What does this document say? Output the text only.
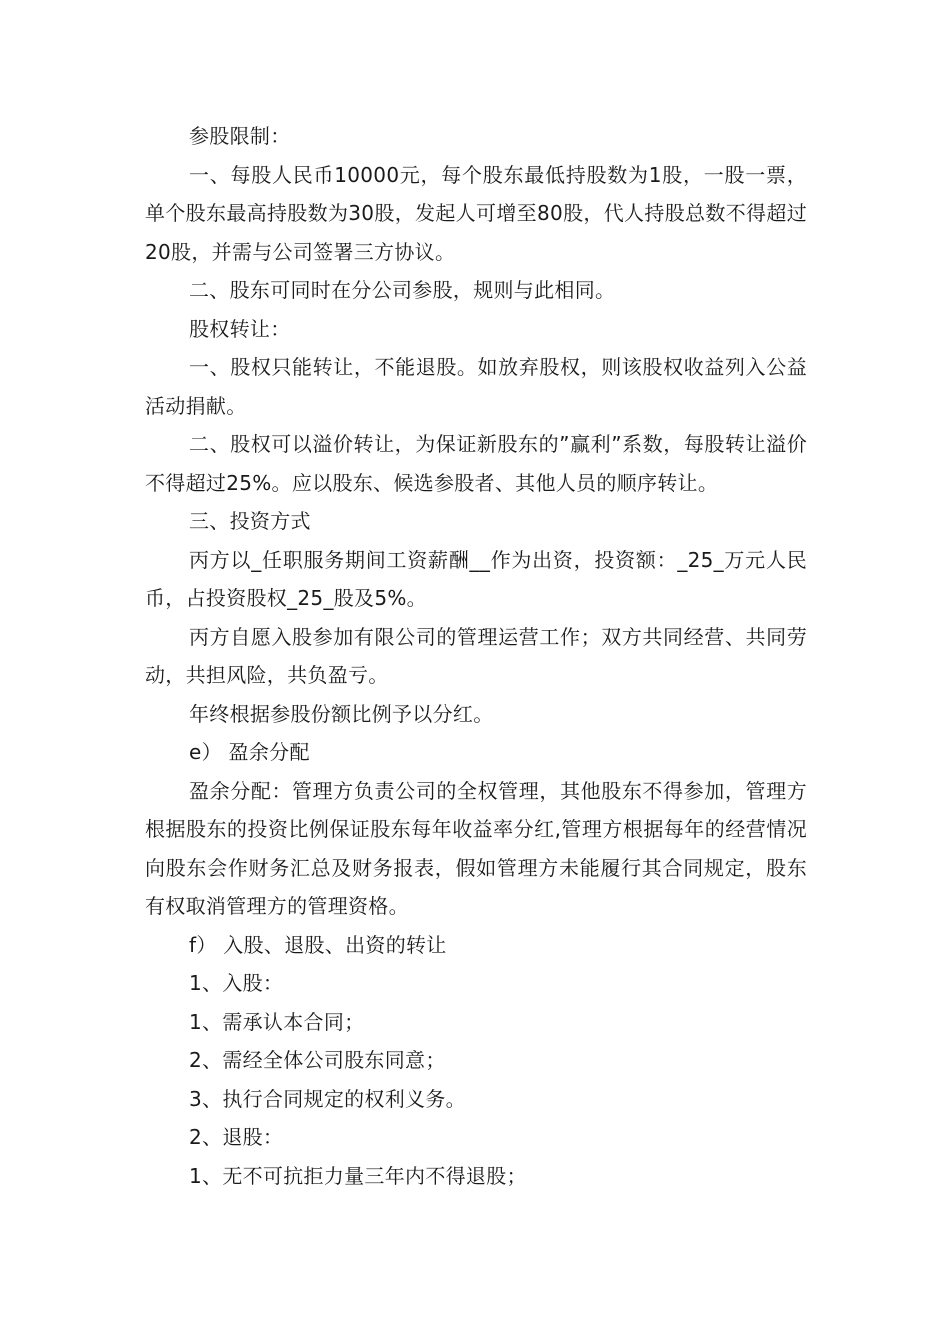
参股限制：

一、每股人民币10000元，每个股东最低持股数为1股，一股一票，单个股东最高持股数为30股，发起人可增至80股，代人持股总数不得超过20股，并需与公司签署三方协议。

二、股东可同时在分公司参股，规则与此相同。

股权转让：

一、股权只能转让，不能退股。如放弃股权，则该股权收益列入公益活动捐献。

二、股权可以溢价转让，为保证新股东的”赢利”系数，每股转让溢价不得超过25%。应以股东、候选参股者、其他人员的顺序转让。

三、投资方式

丙方以_任职服务期间工资薪酬__作为出资，投资额：_25_万元人民币，占投资股权_25_股及5%。

丙方自愿入股参加有限公司的管理运营工作；双方共同经营、共同劳动，共担风险，共负盈亏。

年终根据参股份额比例予以分红。

e） 盈余分配

盈余分配：管理方负责公司的全权管理，其他股东不得参加，管理方根据股东的投资比例保证股东每年收益率分红,管理方根据每年的经营情况向股东会作财务汇总及财务报表，假如管理方未能履行其合同规定，股东有权取消管理方的管理资格。

f） 入股、退股、出资的转让

1、入股：

1、需承认本合同；

2、需经全体公司股东同意；

3、执行合同规定的权利义务。

2、退股：

1、无不可抗拒力量三年内不得退股；
